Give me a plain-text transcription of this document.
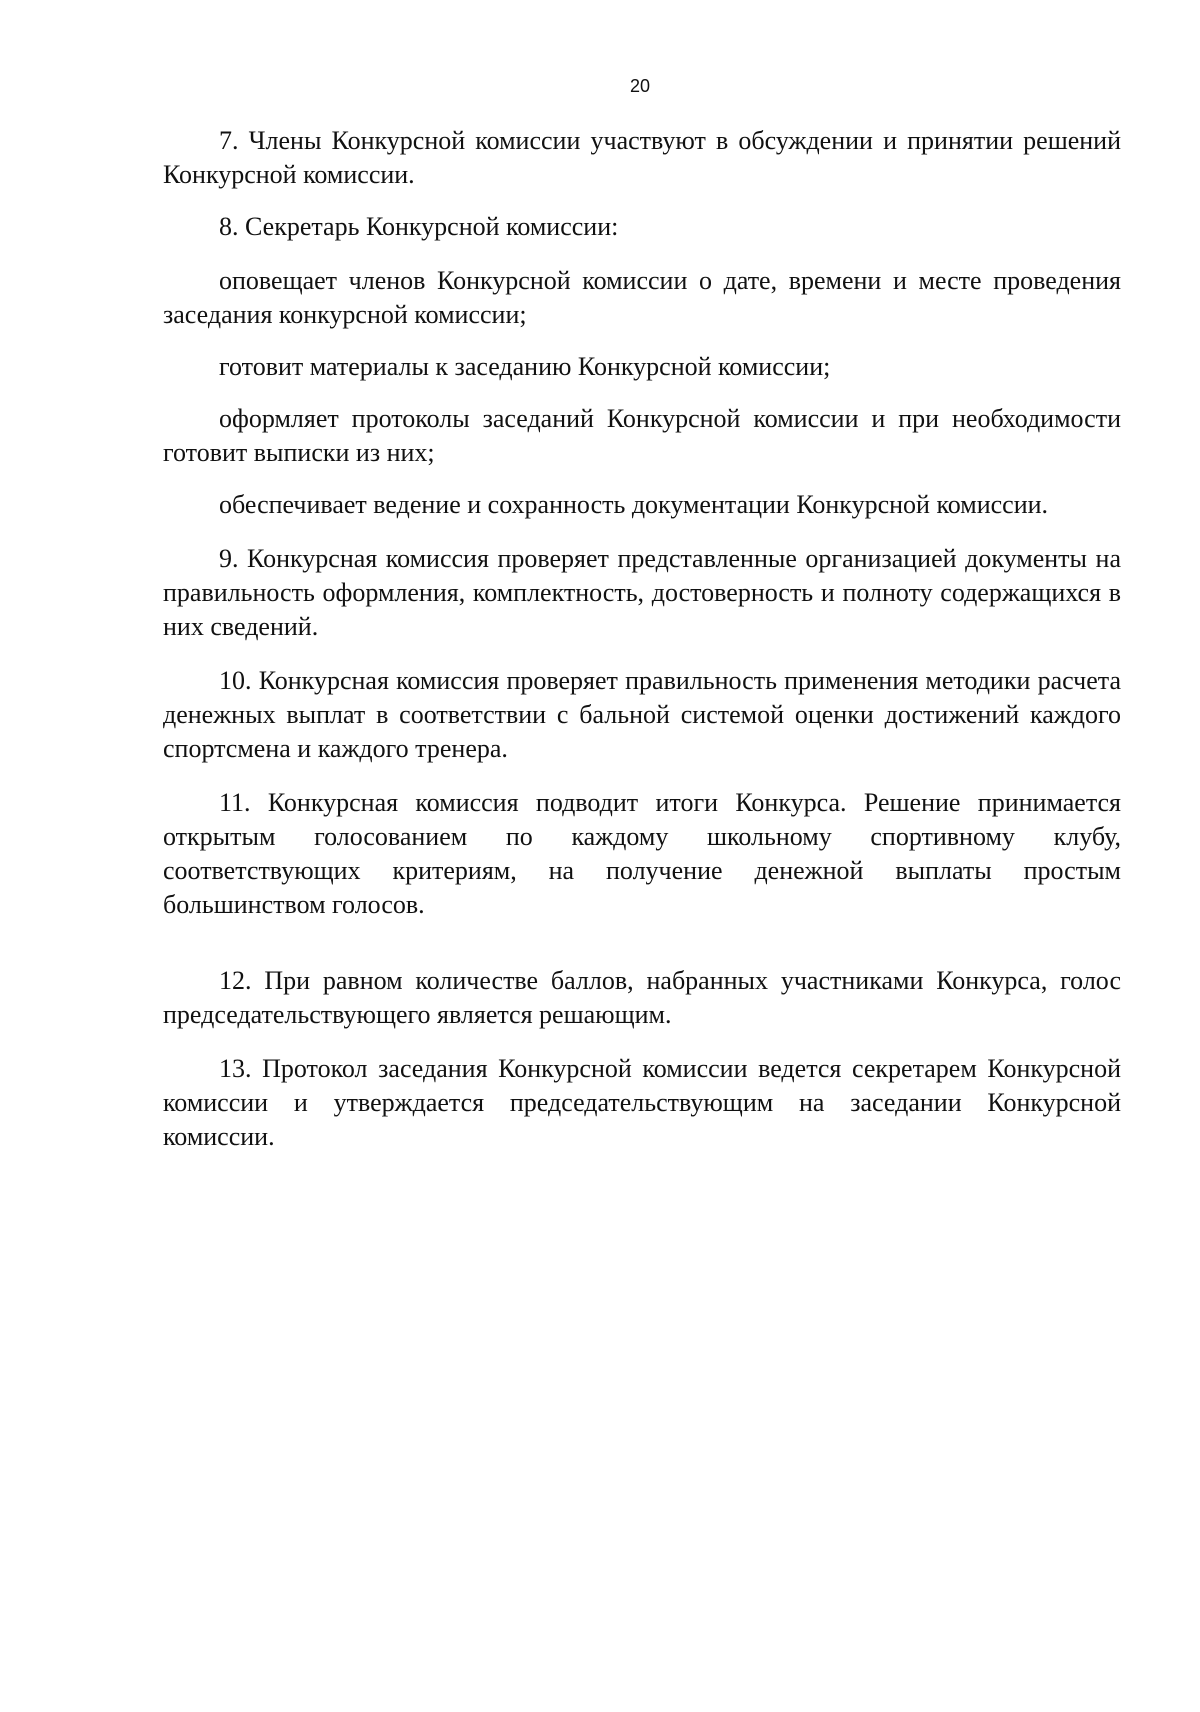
20

7. Члены Конкурсной комиссии участвуют в обсуждении и принятии решений Конкурсной комиссии.

8. Секретарь Конкурсной комиссии:

оповещает членов Конкурсной комиссии о дате, времени и месте проведения заседания конкурсной комиссии;

готовит материалы к заседанию Конкурсной комиссии;

оформляет протоколы заседаний Конкурсной комиссии и при необходимости готовит выписки из них;

обеспечивает ведение и сохранность документации Конкурсной комиссии.

9. Конкурсная комиссия проверяет представленные организацией документы на правильность оформления, комплектность, достоверность и полноту содержащихся в них сведений.

10. Конкурсная комиссия проверяет правильность применения методики расчета денежных выплат в соответствии с бальной системой оценки достижений каждого спортсмена и каждого тренера.

11. Конкурсная комиссия подводит итоги Конкурса. Решение принимается открытым голосованием по каждому школьному спортивному клубу, соответствующих критериям, на получение денежной выплаты простым большинством голосов.

12. При равном количестве баллов, набранных участниками Конкурса, голос председательствующего является решающим.

13. Протокол заседания Конкурсной комиссии ведется секретарем Конкурсной комиссии и утверждается председательствующим на заседании Конкурсной комиссии.
